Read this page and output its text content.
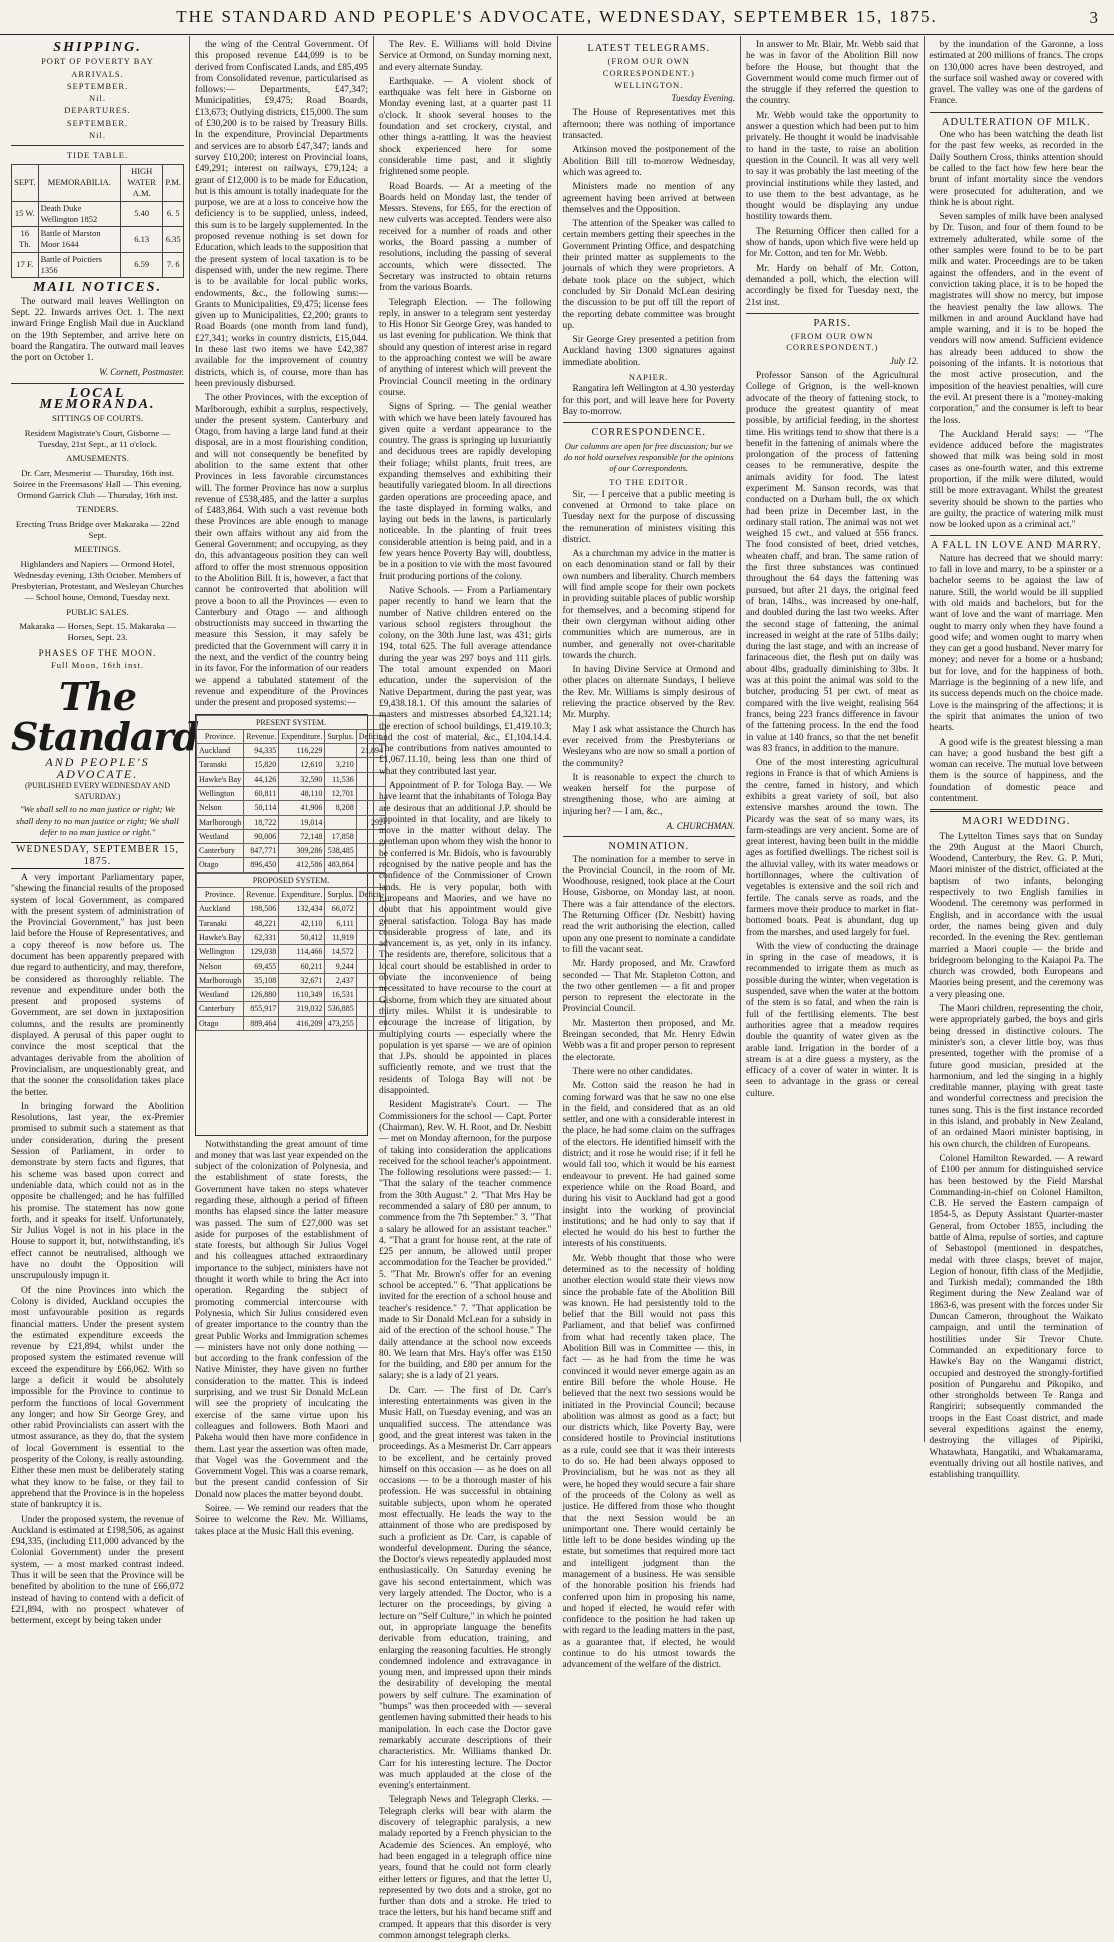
THE STANDARD AND PEOPLE'S ADVOCATE, WEDNESDAY, SEPTEMBER 15, 1875.	3
SHIPPING.
PORT OF POVERTY BAY
ARRIVALS.
SEPTEMBER.
Nil.
DEPARTURES.
SEPTEMBER.
Nil.
TIDE TABLE.
SEPT.	MEMORABILIA.	HIGH WATER
A.M.	P.M.
15 W.	Death Duke Wellington 1852	5.40	6. 5
16 Th.	Battle of Marston Moor 1644	6.13	6.35
17 F.	Battle of Poictiers 1356	6.59	7. 6
MAIL NOTICES.

The outward mail leaves Wellington on Sept. 22. Inwards arrives Oct. 1. The next inward Fringe English Mail due in Auckland on the 19th September, and arrive here on board the Rangatira. The outward mail leaves the port on October 1.

W. Cornett, Postmaster.
LOCAL MEMORANDA.

SITTINGS OF COURTS.

Resident Magistrate's Court, Gisborne — Tuesday, 21st Sept., at 11 o'clock.

AMUSEMENTS.

Dr. Carr, Mesmerist — Thursday, 16th inst. Soiree in the Freemasons' Hall — This evening. Ormond Garrick Club — Thursday, 16th inst.

TENDERS.

Erecting Truss Bridge over Makaraka — 22nd Sept.

MEETINGS.

Highlanders and Napiers — Ormond Hotel, Wednesday evening, 13th October. Members of Presbyterian, Protestant, and Wesleyan Churches — School house, Ormond, Tuesday next.

PUBLIC SALES.

Makaraka — Horses, Sept. 15. Makaraka — Horses, Sept. 23.

PHASES OF THE MOON.
Full Moon, 16th inst.
The Standard
AND PEOPLE'S ADVOCATE.
(PUBLISHED EVERY WEDNESDAY AND SATURDAY.)
"We shall sell to no man justice or right; We shall deny to no man justice or right; We shall defer to no man justice or right."
WEDNESDAY, SEPTEMBER 15, 1875.

A very important Parliamentary paper, "shewing the financial results of the proposed system of local Government, as compared with the present system of administration of the Provincial Government," has just been laid before the House of Representatives, and a copy thereof is now before us. The document has been apparently prepared with due regard to authenticity, and may, therefore, be considered as thoroughly reliable. The revenue and expenditure under both the present and proposed systems of Government, are set down in juxtaposition columns, and the results are prominently displayed. A perusal of this paper ought to convince the most sceptical that the advantages derivable from the abolition of Provincialism, are unquestionably great, and that the sooner the consolidation takes place the better.

In bringing forward the Abolition Resolutions, last year, the ex-Premier promised to submit such a statement as that under consideration, during the present Session of Parliament, in order to demonstrate by stern facts and figures, that his scheme was based upon correct and undeniable data, which could not as in the opposite be challenged; and he has fulfilled his promise. The statement has now gone forth, and it speaks for itself. Unfortunately, Sir Julius Vogel is not in his place in the House to support it, but, notwithstanding, it's effect cannot be neutralised, although we have no doubt the Opposition will unscrupulously impugn it.

Of the nine Provinces into which the Colony is divided, Auckland occupies the most unfavourable position as regards financial matters. Under the present system the estimated expenditure exceeds the revenue by £21,894, whilst under the proposed system the estimated revenue will exceed the expenditure by £66,062. With so large a deficit it would be absolutely impossible for the Province to continue to perform the functions of local Government any longer; and how Sir George Grey, and other rabid Provincialists can assert with the utmost assurance, as they do, that the system of local Government is essential to the prosperity of the Colony, is really astounding. Either these men must be deliberately stating what they know to be false, or they fail to apprehend that the Province is in the hopeless state of bankruptcy it is.

Under the proposed system, the revenue of Auckland is estimated at £198,506, as against £94,335, (including £11,000 advanced by the Colonial Government) under the present system, — a most marked contrast indeed. Thus it will be seen that the Province will be benefited by abolition to the tune of £66,072 instead of having to contend with a deficit of £21,894, with no prospect whatever of betterment, except by being taken under

the wing of the Central Government. Of this proposed revenue £44,099 is to be derived from Confiscated Lands, and £85,495 from Consolidated revenue, particularised as follows:— Departments, £47,347; Municipalities, £9,475; Road Boards, £13,673; Outlying districts, £15,000. The sum of £30,200 is to be raised by Treasury Bills. In the expenditure, Provincial Departments and services are to absorb £47,347; lands and survey £10,200; interest on Provincial loans, £49,291; interest on railways, £79,124; a grant of £12,000 is to be made for Education, but is this amount is totally inadequate for the purpose, we are at a loss to conceive how the deficiency is to be supplied, unless, indeed, this sum is to be largely supplemented. In the proposed revenue nothing is set down for Education, which leads to the supposition that the present system of local taxation is to be dispensed with, under the new regime. There is to be available for local public works, endowments, &c., the following sums:— Grants to Municipalities, £9,475; license fees given up to Municipalities, £2,200; grants to Road Boards (one month from land fund), £27,341; works in country districts, £15,044. In these last two items we have £42,387 available for the improvement of country districts, which is, of course, more than has been previously disbursed.

The other Provinces, with the exception of Marlborough, exhibit a surplus, respectively, under the present system. Canterbury and Otago, from having a large land fund at their disposal, are in a most flourishing condition, and will not consequently be benefited by abolition to the same extent that other Provinces in less favorable circumstances will. The former Province has now a surplus revenue of £538,485, and the latter a surplus of £483,864. With such a vast revenue both these Provinces are able enough to manage their own affairs without any aid from the General Government; and occupying, as they do, this advantageous position they can well afford to offer the most strenuous opposition to the Abolition Bill. It is, however, a fact that cannot be controverted that abolition will prove a boon to all the Provinces — even to Canterbury and Otago — and although obstructionists may succeed in thwarting the measure this Session, it may safely be predicted that the Government will carry it in the next, and the verdict of the country being in its favor. For the information of our readers we append a tabulated statement of the revenue and expenditure of the Provinces under the present and proposed systems:—

PRESENT SYSTEM.				
Province.	Revenue.	Expenditure.	Surplus.	Deficit.
Auckland	94,335	116,229		21,894
Taranaki	15,820	12,610	3,210	
Hawke's Bay	44,126	32,590	11,536	
Wellington	60,811	48,110	12,701	
Nelson	50,114	41,906	8,208	
Marlborough	18,722	19,014		292
Westland	90,006	72,148	17,858	
Canterbury	847,771	309,286	538,485	
Otago	896,450	412,586	483,864	
PROPOSED SYSTEM.				
Province.	Revenue.	Expenditure.	Surplus.	Deficit.
Auckland	198,506	132,434	66,072	
Taranaki	48,221	42,110	6,111	
Hawke's Bay	62,331	50,412	11,919	
Wellington	129,038	114,466	14,572	
Nelson	69,455	60,211	9,244	
Marlborough	35,108	32,671	2,437	
Westland	126,880	110,349	16,531	
Canterbury	855,917	319,032	536,885	
Otago	889,464	416,209	473,255	

Notwithstanding the great amount of time and money that was last year expended on the subject of the colonization of Polynesia, and the establishment of state forests, the Government have taken no steps whatever regarding these, although a period of fifteen months has elapsed since the latter measure was passed. The sum of £27,000 was set aside for purposes of the establishment of state forests, but although Sir Julius Vogel and his colleagues attached extraordinary importance to the subject, ministers have not thought it worth while to bring the Act into operation. Regarding the subject of promoting commercial intercourse with Polynesia, which Sir Julius considered even of greater importance to the country than the great Public Works and Immigration schemes — ministers have not only done nothing — but according to the frank confession of the Native Minister, they have given no further consideration to the matter. This is indeed surprising, and we trust Sir Donald McLean will see the propriety of inculcating the exercise of the same virtue upon his colleagues and followers. Both Maori and Pakeha would then have more confidence in them. Last year the assertion was often made, that Vogel was the Government and the Government Vogel. This was a coarse remark, but the present candid confession of Sir Donald now places the matter beyond doubt.

Soiree. — We remind our readers that the Soiree to welcome the Rev. Mr. Williams, takes place at the Music Hall this evening.

The Rev. E. Williams will hold Divine Service at Ormond, on Sunday morning next, and every alternate Sunday.

Earthquake. — A violent shock of earthquake was felt here in Gisborne on Monday evening last, at a quarter past 11 o'clock. It shook several houses to the foundation and set crockery, crystal, and other things a-rattling. It was the heaviest shock experienced here for some considerable time past, and it slightly frightened some people.

Road Boards. — At a meeting of the Boards held on Monday last, the tender of Messrs. Stevens, for £65, for the erection of new culverts was accepted. Tenders were also received for a number of roads and other works, the Board passing a number of resolutions, including the passing of several accounts, which were dissected. The Secretary was instructed to obtain returns from the various Boards.

Telegraph Election. — The following reply, in answer to a telegram sent yesterday to His Honor Sir George Grey, was handed to us last evening for publication. We think that should any question of interest arise in regard to the approaching contest we will be aware of anything of interest which will prevent the Provincial Council meeting in the ordinary course.

Signs of Spring. — The genial weather with which we have been lately favoured has given quite a verdant appearance to the country. The grass is springing up luxuriantly and deciduous trees are rapidly developing their foliage; whilst plants, fruit trees, are expanding themselves and exhibiting their beautifully variegated bloom. In all directions garden operations are proceeding apace, and the taste displayed in forming walks, and laying out beds in the lawns, is particularly noticeable. In the planting of fruit trees considerable attention is being paid, and in a few years hence Poverty Bay will, doubtless, be in a position to vie with the most favoured fruit producing portions of the colony.

Native Schools. — From a Parliamentary paper recently to hand we learn that the number of Native children entered on the various school registers throughout the colony, on the 30th June last, was 431; girls 194, total 625. The full average attendance during the year was 297 boys and 111 girls. The total amount expended on Maori education, under the supervision of the Native Department, during the past year, was £9,438.18.1. Of this amount the salaries of masters and mistresses absorbed £4,321.14; the erection of school buildings, £1,419.10.3; and the cost of material, &c., £1,104.14.4. The contributions from natives amounted to £1,067.11.10, being less than one third of what they contributed last year.

Appointment of P. for Tologa Bay. — We have learnt that the inhabitants of Tologa Bay are desirous that an additional J.P. should be appointed in that locality, and are likely to move in the matter without delay. The gentleman upon whom they wish the honor to be conferred is Mr. Bidois, who is favourably recognised by the native people and has the confidence of the Commissioner of Crown lands. He is very popular, both with Europeans and Maories, and we have no doubt that his appointment would give general satisfaction. Tologa Bay has made considerable progress of late, and its advancement is, as yet, only in its infancy. The residents are, therefore, solicitous that a local court should be established in order to obviate the inconvenience of being necessitated to have recourse to the court at Gisborne, from which they are situated about thirty miles. Whilst it is undesirable to encourage the increase of litigation, by multiplying courts — especially where the population is yet sparse — we are of opinion that J.Ps. should be appointed in places sufficiently remote, and we trust that the residents of Tologa Bay will not be disappointed.

Resident Magistrate's Court. — The Commissioners for the school — Capt. Porter (Chairman), Rev. W. H. Root, and Dr. Nesbitt — met on Monday afternoon, for the purpose of taking into consideration the applications received for the school teacher's appointment. The following resolutions were passed:— 1. "That the salary of the teacher commence from the 30th August." 2. "That Mrs Hay be recommended a salary of £80 per annum, to commence from the 7th September." 3. "That a salary be allowed for an assistant teacher." 4. "That a grant for house rent, at the rate of £25 per annum, be allowed until proper accommodation for the Teacher be provided." 5. "That Mr. Brown's offer for an evening school be accepted." 6. "That applications be invited for the erection of a school house and teacher's residence." 7. "That application be made to Sir Donald McLean for a subsidy in aid of the erection of the school house." The daily attendance at the school now exceeds 80. We learn that Mrs. Hay's offer was £150 for the building, and £80 per annum for the salary; she is a lady of 21 years.

Dr. Carr. — The first of Dr. Carr's interesting entertainments was given in the Music Hall, on Tuesday evening, and was an unqualified success. The attendance was good, and the great interest was taken in the proceedings. As a Mesmerist Dr. Carr appears to be excellent, and he certainly proved himself on this occasion — as he does on all occasions — to be a thorough master of his profession. He was successful in obtaining suitable subjects, upon whom he operated most effectually. He leads the way to the attainment of those who are predisposed by such a proficient as Dr. Carr, is capable of wonderful development. During the séance, the Doctor's views repeatedly applauded most enthusiastically. On Saturday evening he gave his second entertainment, which was very largely attended. The Doctor, who is a lecturer on the proceedings, by giving a lecture on "Self Culture," in which he pointed out, in appropriate language the benefits derivable from education, training, and enlarging the reasoning faculties. He strongly condemned indolence and extravagance in young men, and impressed upon their minds the desirability of developing the mental powers by self culture. The examination of "bumps" was then proceeded with — several gentlemen having submitted their heads to his manipulation. In each case the Doctor gave remarkably accurate descriptions of their characteristics. Mr. Williams thanked Dr. Carr for his interesting lecture. The Doctor was much applauded at the close of the evening's entertainment.

Telegraph News and Telegraph Clerks. — Telegraph clerks will bear with alarm the discovery of telegraphic paralysis, a new malady reported by a French physician to the Academie des Sciences. An employé, who had been engaged in a telegraph office nine years, found that he could not form clearly either letters or figures, and that the letter U, represented by two dots and a stroke, got no further than dots and a stroke. He tried to trace the letters, but his hand became stiff and cramped. It appears that this disorder is very common amongst telegraph clerks.

LATEST TELEGRAMS.
(FROM OUR OWN CORRESPONDENT.)
WELLINGTON.
Tuesday Evening.

The House of Representatives met this afternoon; there was nothing of importance transacted.

Atkinson moved the postponement of the Abolition Bill till to-morrow Wednesday, which was agreed to.

Ministers made no mention of any agreement having been arrived at between themselves and the Opposition.

The attention of the Speaker was called to certain members getting their speeches in the Government Printing Office, and despatching their printed matter as supplements to the journals of which they were proprietors. A debate took place on the subject, which concluded by Sir Donald McLean desiring the discussion to be put off till the report of the reporting debate committee was brought up.

Sir George Grey presented a petition from Auckland having 1300 signatures against immediate abolition.

NAPIER.

Rangatira left Wellington at 4.30 yesterday for this port, and will leave here for Poverty Bay to-morrow.

CORRESPONDENCE.

Our columns are open for free discussion; but we do not hold ourselves responsible for the opinions of our Correspondents.

TO THE EDITOR.

Sir, — I perceive that a public meeting is convened at Ormond to take place on Tuesday next for the purpose of discussing the remuneration of ministers visiting this district.

As a churchman my advice in the matter is on each denomination stand or fall by their own numbers and liberality. Church members will find ample scope for their own pockets in providing suitable places of public worship for themselves, and a becoming stipend for their own clergyman without aiding other communities which are numerous, are in number, and generally not over-charitable towards the church.

In having Divine Service at Ormond and other places on alternate Sundays, I believe the Rev. Mr. Williams is simply desirous of relieving the practice observed by the Rev. Mr. Murphy.

May I ask what assistance the Church has ever received from the Presbyterians or Wesleyans who are now so small a portion of the community?

It is reasonable to expect the church to weaken herself for the purpose of strengthening those, who are aiming at injuring her? — I am, &c.,

A. CHURCHMAN.
NOMINATION.

The nomination for a member to serve in the Provincial Council, in the room of Mr. Woodhouse, resigned, took place at the Court House, Gisborne, on Monday last, at noon. There was a fair attendance of the electors. The Returning Officer (Dr. Nesbitt) having read the writ authorising the election, called upon any one present to nominate a candidate to fill the vacant seat.

Mr. Hardy proposed, and Mr. Crawford seconded — That Mr. Stapleton Cotton, and the two other gentlemen — a fit and proper person to represent the electorate in the Provincial Council.

Mr. Masterton then proposed, and Mr. Breingan seconded, that Mr. Henry Edwin Webb was a fit and proper person to represent the electorate.

There were no other candidates.

Mr. Cotton said the reason he had in coming forward was that he saw no one else in the field, and considered that as an old settler, and one with a considerable interest in the place, he had some claim on the suffrages of the electors. He identified himself with the district; and it rose he would rise; if it fell he would fall too, which it would be his earnest endeavour to prevent. He had gained some experience while on the Road Board, and during his visit to Auckland had got a good insight into the working of provincial institutions; and he had only to say that if elected he would do his best to further the interests of his constituents.

Mr. Webb thought that those who were determined as to the necessity of holding another election would state their views now since the probable fate of the Abolition Bill was known. He had persistently told to the belief that the Bill would not pass this Parliament, and that belief was confirmed from what had recently taken place. The Abolition Bill was in Committee — this, in fact — as he had from the time he was convinced it would never emerge again as an entire Bill before the whole House. He believed that the next two sessions would be initiated in the Provincial Council; because abolition was almost as good as a fact; but our districts which, like Poverty Bay, were considered hostile to Provincial institutions as a rule, could see that it was their interests to do so. He had been always opposed to Provincialism, but he was not as they all were, he hoped they would secure a fair share of the proceeds of the Colony as well as justice. He differed from those who thought that the next Session would be an unimportant one. There would certainly be little left to be done besides winding up the estate, but sometimes that required more tact and intelligent judgment than the management of a business. He was sensible of the honorable position his friends had conferred upon him in proposing his name, and hoped if elected, he would refer with confidence to the position he had taken up with regard to the leading matters in the past, as a guarantee that, if elected, he would continue to do his utmost towards the advancement of the welfare of the district.

In answer to Mr. Blair, Mr. Webb said that he was in favor of the Abolition Bill now before the House, but thought that the Government would come much firmer out of the struggle if they referred the question to the country.

Mr. Webb would take the opportunity to answer a question which had been put to him privately. He thought it would be inadvisable to hand in the taste, to raise an abolition question in the Council. It was all very well to say it was probably the last meeting of the provincial institutions while they lasted, and to use them to the best advantage, as he thought would be displaying any undue hostility towards them.

The Returning Officer then called for a show of hands, upon which five were held up for Mr. Cotton, and ten for Mr. Webb.

Mr. Hardy on behalf of Mr. Cotton, demanded a poll, which, the election will accordingly be fixed for Tuesday next, the 21st inst.

PARIS.
(FROM OUR OWN CORRESPONDENT.)
July 12.

Professor Sanson of the Agricultural College of Grignon, is the well-known advocate of the theory of fattening stock, to produce the greatest quantity of meat possible, by artificial feeding, in the shortest time. His writings tend to show that there is a benefit in the fattening of animals where the prolongation of the process of fattening ceases to be remunerative, despite the animals avidity for food. The latest experiment M. Sanson records, was that conducted on a Durham bull, the ox which had been prize in December last, in the ordinary stall ration. The animal was not wet weighed 15 cwt., and valued at 556 francs. The food consisted of beet, dried vetches, wheaten chaff, and bran. The same ration of the first three substances was continued throughout the 64 days the fattening was pursued, but after 21 days, the original feed of bran, 14lbs., was increased by one-half, and doubled during the last two weeks. After the second stage of fattening, the animal increased in weight at the rate of 51lbs daily; during the last stage, and with an increase of farinaceous diet, the flesh put on daily was about 4lbs, gradually diminishing to 3lbs. It was at this point the animal was sold to the butcher, producing 51 per cwt. of meat as compared with the live weight, realising 564 francs, being 223 francs difference in favour of the fattening process. In the end the food in value at 140 francs, so that the net benefit was 83 francs, in addition to the manure.

One of the most interesting agricultural regions in France is that of which Amiens is the centre, famed in history, and which exhibits a great variety of soil, but also extensive marshes around the town. The Picardy was the seat of so many wars, its farm-steadings are very ancient. Some are of great interest, having been built in the middle ages as fortified dwellings. The richest soil is the alluvial valley, with its water meadows or hortillonnages, where the cultivation of vegetables is extensive and the soil rich and fertile. The canals serve as roads, and the farmers move their produce to market in flat-bottomed boats. Peat is abundant, dug up from the marshes, and used largely for fuel.

With the view of conducting the drainage in spring in the case of meadows, it is recommended to irrigate them as much as possible during the winter, when vegetation is suspended, save when the water at the bottom of the stem is so fatal, and when the rain is full of the fertilising elements. The best authorities agree that a meadow requires double the quantity of water given as the arable land. Irrigation in the border of a stream is at a dire guess a mystery, as the efficacy of a cover of water in winter. It is seen to advantage in the grass or cereal culture.

by the inundation of the Garonne, a loss estimated at 200 millions of francs. The crops on 130,000 acres have been destroyed, and the surface soil washed away or covered with gravel. The valley was one of the gardens of France.

ADULTERATION OF MILK.

One who has been watching the death list for the past few weeks, as recorded in the Daily Southern Cross, thinks attention should be called to the fact how few here bear the brunt of infant mortality since the vendors were prosecuted for adulteration, and we think he is about right.

Seven samples of milk have been analysed by Dr. Tuson, and four of them found to be extremely adulterated, while some of the other samples were found to be to be part milk and water. Proceedings are to be taken against the offenders, and in the event of conviction taking place, it is to be hoped the magistrates will show no mercy, but impose the heaviest penalty the law allows. The milkmen in and around Auckland have had ample warning, and it is to be hoped the vendors will now amend. Sufficient evidence has already been adduced to show the poisoning of the infants. It is notorious that the most active prosecution, and the imposition of the heaviest penalties, will cure the evil. At present there is a "money-making corporation," and the consumer is left to bear the loss.

The Auckland Herald says: — "The evidence adduced before the magistrates showed that milk was being sold in most cases as one-fourth water, and this extreme proportion, if the milk were diluted, would still be more extravagant. Whilst the greatest severity should be shown to the parties who are guilty, the practice of watering milk must now be looked upon as a criminal act."

A FALL IN LOVE AND MARRY.

Nature has decreed that we should marry: to fall in love and marry, to be a spinster or a bachelor seems to be against the law of nature. Still, the world would be ill supplied with old maids and bachelors, but for the want of love and the want of marriage. Men ought to marry only when they have found a good wife; and women ought to marry when they can get a good husband. Never marry for money; and never for a home or a husband; but for love, and for the happiness of both. Marriage is the beginning of a new life, and its success depends much on the choice made. Love is the mainspring of the affections; it is the spirit that animates the union of two hearts.

A good wife is the greatest blessing a man can have; a good husband the best gift a woman can receive. The mutual love between them is the source of happiness, and the foundation of domestic peace and contentment.

MAORI WEDDING.

The Lyttelton Times says that on Sunday the 29th August at the Maori Church, Woodend, Canterbury, the Rev. G. P. Muti, Maori minister of the district, officiated at the baptism of two infants, belonging respectively to two English families in Woodend. The ceremony was performed in English, and in accordance with the usual order, the names being given and duly recorded. In the evening the Rev. gentleman married a Maori couple — the bride and bridegroom belonging to the Kaiapoi Pa. The church was crowded, both Europeans and Maories being present, and the ceremony was a very pleasing one.

The Maori children, representing the choir, were appropriately garbed, the boys and girls being dressed in distinctive colours. The minister's son, a clever little boy, was thus presented, together with the promise of a future good musician, presided at the harmonium, and led the singing in a highly creditable manner, playing with great taste and wonderful correctness and precision the tunes sung. This is the first instance recorded in this island, and probably in New Zealand, of an ordained Maori minister baptising, in his own church, the children of Europeans.

Colonel Hamilton Rewarded. — A reward of £100 per annum for distinguished service has been bestowed by the Field Marshal Commanding-in-chief on Colonel Hamilton, C.B. He served the Eastern campaign of 1854-5, as Deputy Assistant Quarter-master General, from October 1855, including the battle of Alma, repulse of sorties, and capture of Sebastopol (mentioned in despatches, medal with three clasps, brevet of major, Legion of honour, fifth class of the Medjidie, and Turkish medal); commanded the 18th Regiment during the New Zealand war of 1863-6, was present with the forces under Sir Duncan Cameron, throughout the Waikato campaign, and until the termination of hostilities under Sir Trevor Chute. Commanded an expeditionary force to Hawke's Bay on the Wanganui district, occupied and destroyed the strongly-fortified position of Pungarehu and Pikopiko, and other strongholds between Te Ranga and Rangiriri; subsequently commanded the troops in the East Coast district, and made several expeditions against the enemy, destroying the villages of Pipiriki, Whatawhata, Hangatiki, and Whakamarama, eventually driving out all hostile natives, and establishing tranquillity.
